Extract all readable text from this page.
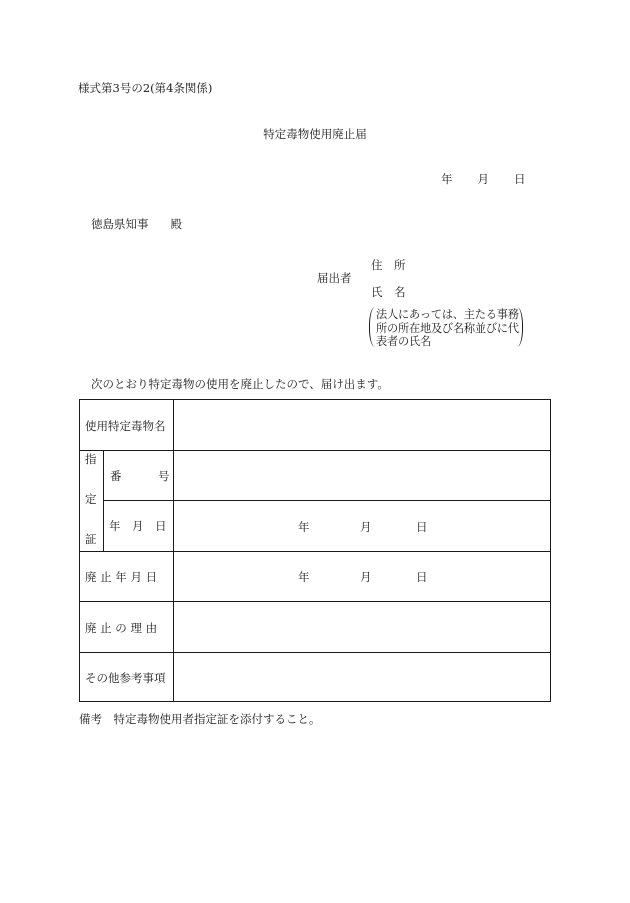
様式第3号の2(第4条関係)
特定毒物使用廃止届
年 月 日
徳島県知事 殿
届出者
住　所
氏　名
法人にあっては、主たる事務所の所在地及び名称並びに代表者の氏名
次のとおり特定毒物の使用を廃止したので、届け出ます。
使用特定毒物名
指
定
証
番	号
年　月　日	年	月	日
廃 止 年 月 日	年	月	日
廃 止 の 理 由
その他参考事項
備考　特定毒物使用者指定証を添付すること。
